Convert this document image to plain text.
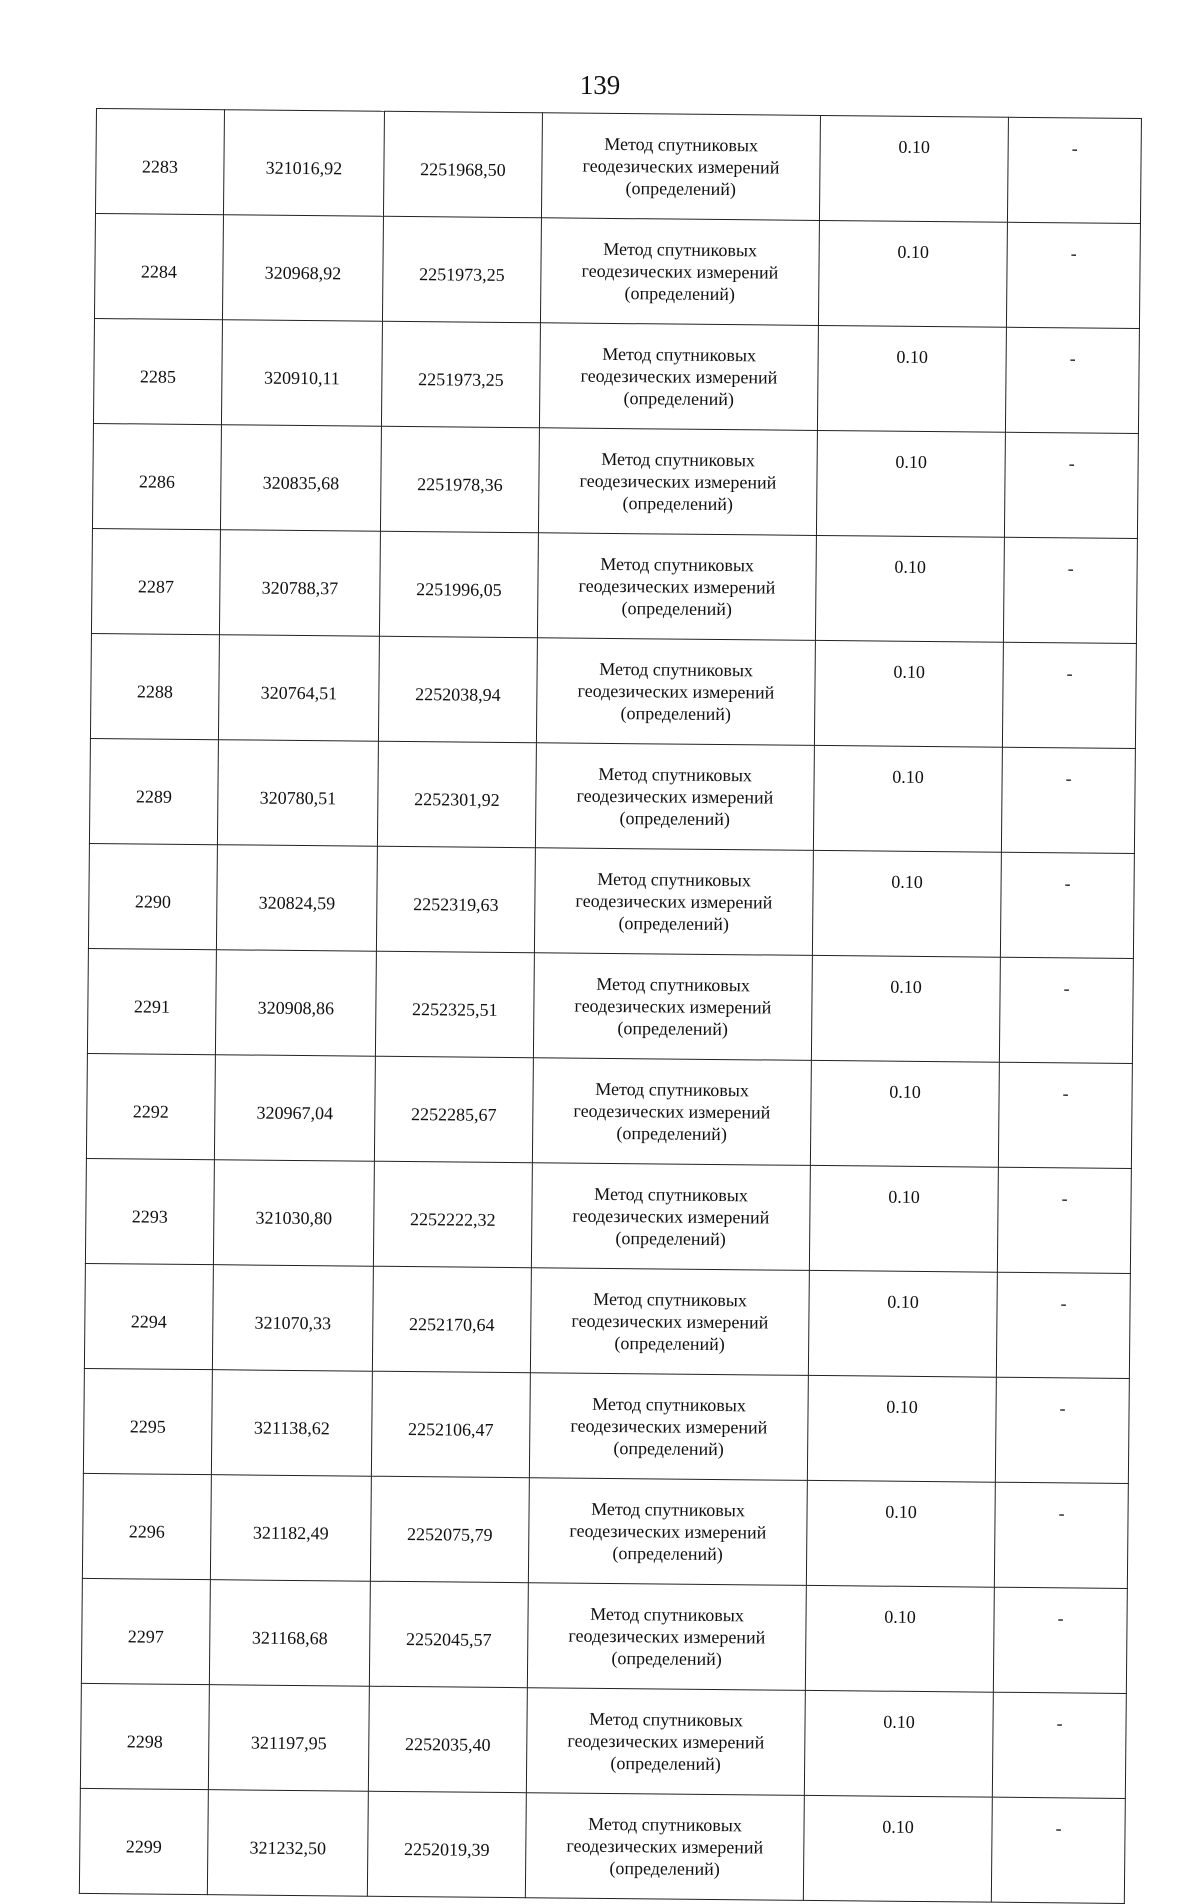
139
2283	321016,92	2251968,50	Метод спутниковых
геодезических измерений
(определений)	0.10	-
2284	320968,92	2251973,25	Метод спутниковых
геодезических измерений
(определений)	0.10	-
2285	320910,11	2251973,25	Метод спутниковых
геодезических измерений
(определений)	0.10	-
2286	320835,68	2251978,36	Метод спутниковых
геодезических измерений
(определений)	0.10	-
2287	320788,37	2251996,05	Метод спутниковых
геодезических измерений
(определений)	0.10	-
2288	320764,51	2252038,94	Метод спутниковых
геодезических измерений
(определений)	0.10	-
2289	320780,51	2252301,92	Метод спутниковых
геодезических измерений
(определений)	0.10	-
2290	320824,59	2252319,63	Метод спутниковых
геодезических измерений
(определений)	0.10	-
2291	320908,86	2252325,51	Метод спутниковых
геодезических измерений
(определений)	0.10	-
2292	320967,04	2252285,67	Метод спутниковых
геодезических измерений
(определений)	0.10	-
2293	321030,80	2252222,32	Метод спутниковых
геодезических измерений
(определений)	0.10	-
2294	321070,33	2252170,64	Метод спутниковых
геодезических измерений
(определений)	0.10	-
2295	321138,62	2252106,47	Метод спутниковых
геодезических измерений
(определений)	0.10	-
2296	321182,49	2252075,79	Метод спутниковых
геодезических измерений
(определений)	0.10	-
2297	321168,68	2252045,57	Метод спутниковых
геодезических измерений
(определений)	0.10	-
2298	321197,95	2252035,40	Метод спутниковых
геодезических измерений
(определений)	0.10	-
2299	321232,50	2252019,39	Метод спутниковых
геодезических измерений
(определений)	0.10	-
